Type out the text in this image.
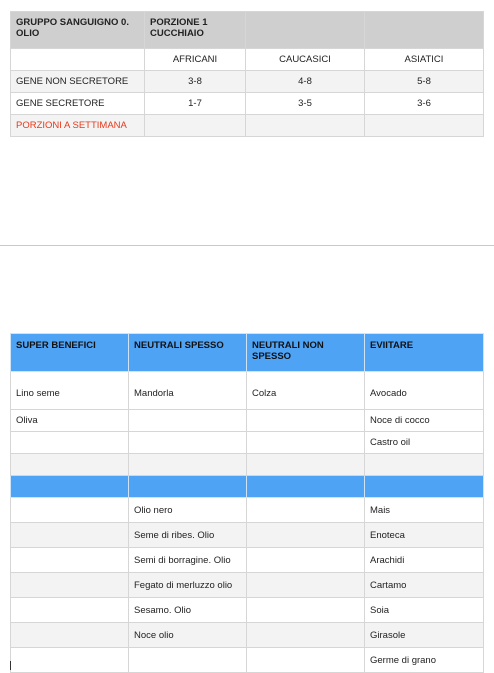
GRUPPO SANGUIGNO 0. OLIO	PORZIONE 1 CUCCHIAIO		
	AFRICANI	CAUCASICI	ASIATICI
GENE NON SECRETORE	3-8	4-8	5-8
GENE SECRETORE	1-7	3-5	3-6
PORZIONI A SETTIMANA			
SUPER BENEFICI	NEUTRALI SPESSO	NEUTRALI NON SPESSO	EVIITARE
Lino seme	Mandorla	Colza	Avocado
Oliva			Noce di cocco
			Castro oil

	Olio nero		Mais
	Seme di ribes. Olio		Enoteca
	Semi di borragine. Olio		Arachidi
	Fegato di merluzzo olio		Cartamo
	Sesamo. Olio		Soia
	Noce olio		Girasole
			Germe di grano
